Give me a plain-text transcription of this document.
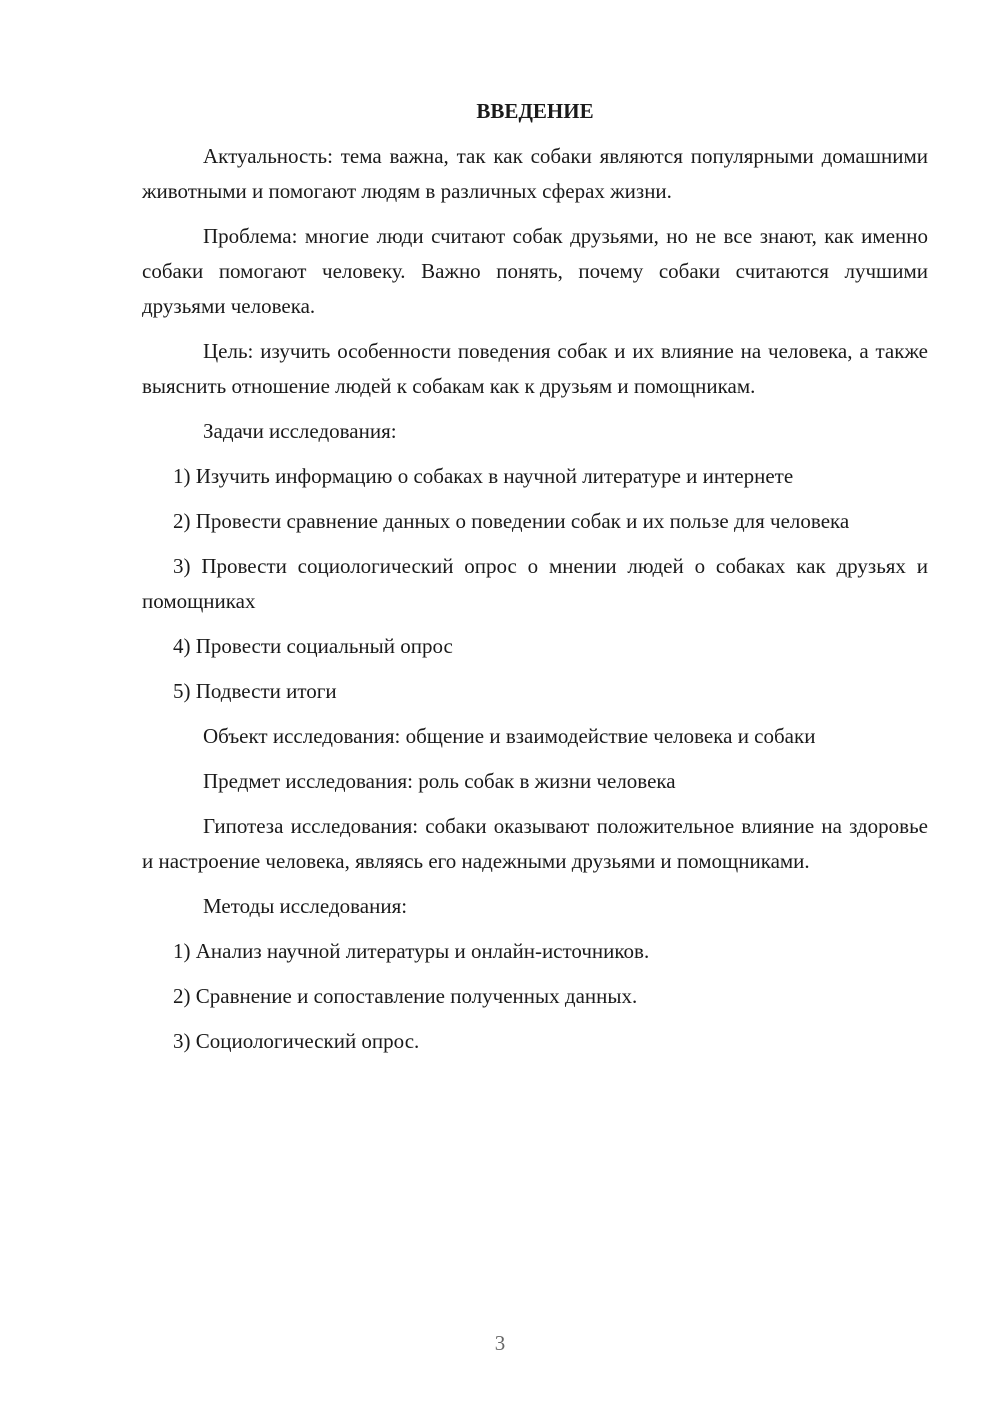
ВВЕДЕНИЕ
Актуальность: тема важна, так как собаки являются популярными домашними животными и помогают людям в различных сферах жизни.
Проблема: многие люди считают собак друзьями, но не все знают, как именно собаки помогают человеку. Важно понять, почему собаки считаются лучшими друзьями человека.
Цель: изучить особенности поведения собак и их влияние на человека, а также выяснить отношение людей к собакам как к друзьям и помощникам.
Задачи исследования:
1) Изучить информацию о собаках в научной литературе и интернете
2) Провести сравнение данных о поведении собак и их пользе для человека
3) Провести социологический опрос о мнении людей о собаках как друзьях и помощниках
4) Провести социальный опрос
5) Подвести итоги
Объект исследования: общение и взаимодействие человека и собаки
Предмет исследования: роль собак в жизни человека
Гипотеза исследования: собаки оказывают положительное влияние на здоровье и настроение человека, являясь его надежными друзьями и помощниками.
Методы исследования:
1) Анализ научной литературы и онлайн-источников.
2) Сравнение и сопоставление полученных данных.
3) Социологический опрос.
3
